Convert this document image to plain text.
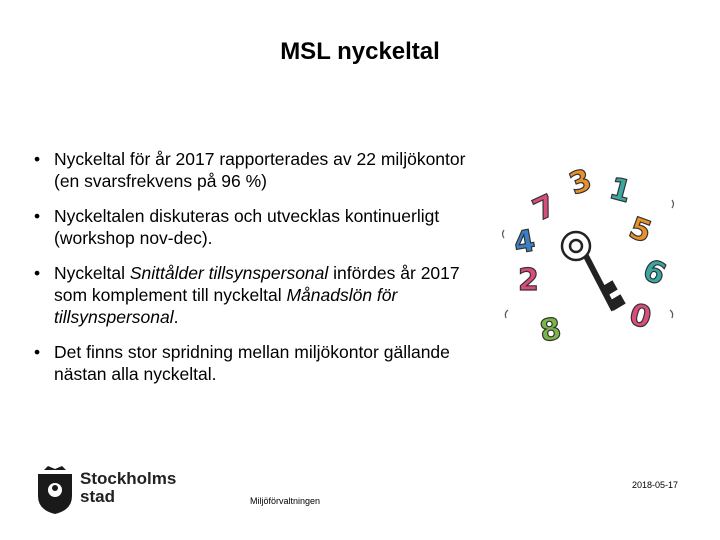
MSL nyckeltal
• Nyckeltal för år 2017 rapporterades av 22 miljökontor (en svarsfrekvens på 96 %)
• Nyckeltalen diskuteras och utvecklas kontinuerligt (workshop nov-dec).
• Nyckeltal Snittålder tillsynspersonal infördes år 2017 som komplement till nyckeltal Månadslön för tillsynspersonal.
• Det finns stor spridning mellan miljökontor gällande nästan alla nyckeltal.
3 1
7
5
4
6
2
0
8
Stockholms
stad	Miljöförvaltningen
2018-05-17
